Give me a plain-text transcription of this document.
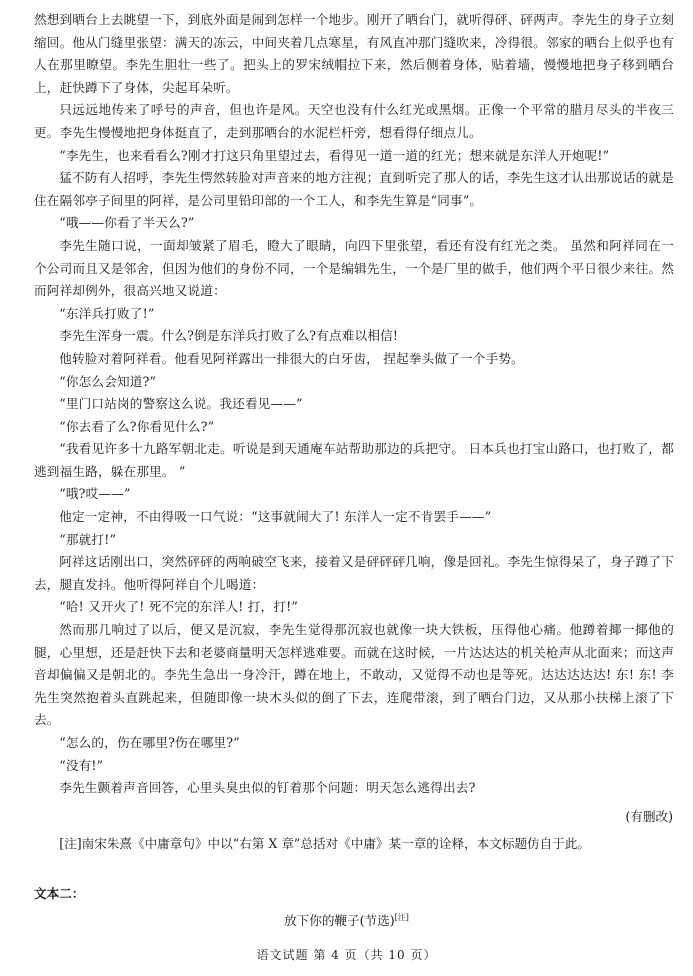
然想到晒台上去眺望一下，到底外面是闹到怎样一个地步。刚开了晒台门，就听得砰、砰两声。李先生的身子立刻缩回。他从门缝里张望：满天的冻云，中间夹着几点寒星，有风直冲那门缝吹来，冷得很。邻家的晒台上似乎也有人在那里瞭望。李先生胆壮一些了。把头上的罗宋绒帽拉下来，然后侧着身体，贴着墙，慢慢地把身子移到晒台上，赶快蹲下了身体，尖起耳朵听。

只远远地传来了呼号的声音，但也许是风。天空也没有什么红光或黑烟。正像一个平常的腊月尽头的半夜三更。李先生慢慢地把身体挺直了，走到那晒台的水泥栏杆旁，想看得仔细点儿。

“李先生，也来看看么?刚才打这只角里望过去，看得见一道一道的红光；想来就是东洋人开炮呢!”

猛不防有人招呼，李先生愕然转脸对声音来的地方注视；直到听完了那人的话，李先生这才认出那说话的就是住在隔邻亭子间里的阿祥，是公司里铅印部的一个工人，和李先生算是“同事”。

“哦——你看了半天么?”

李先生随口说，一面却皱紧了眉毛，瞪大了眼睛，向四下里张望，看还有没有红光之类。 虽然和阿祥同在一个公司而且又是邻舍，但因为他们的身份不同，一个是编辑先生，一个是厂里的做手，他们两个平日很少来往。然而阿祥却例外，很高兴地又说道：

“东洋兵打败了!”

李先生浑身一震。什么?倒是东洋兵打败了么?有点难以相信!

他转脸对着阿祥看。他看见阿祥露出一排很大的白牙齿， 捏起拳头做了一个手势。

“你怎么会知道?”

“里门口站岗的警察这么说。我还看见——”

“你去看了么?你看见什么?”

“我看见许多十九路军朝北走。听说是到天通庵车站帮助那边的兵把守。 日本兵也打宝山路口，也打败了，都逃到福生路，躲在那里。 ”

“哦?哎——”

他定一定神，不由得吸一口气说：“这事就闹大了! 东洋人一定不肯罢手——”

“那就打!”

阿祥这话刚出口，突然砰砰的两响破空飞来，接着又是砰砰砰几响，像是回礼。李先生惊得呆了，身子蹲了下去，腿直发抖。他听得阿祥自个儿喝道：

“哈! 又开火了! 死不完的东洋人! 打，打!”

然而那几响过了以后，便又是沉寂，李先生觉得那沉寂也就像一块大铁板，压得他心痛。他蹲着揶一揶他的腿，心里想，还是赶快下去和老婆商量明天怎样逃难要。而就在这时候，一片达达达的机关枪声从北面来；而这声音却偏偏又是朝北的。李先生急出一身冷汗，蹲在地上，不敢动，又觉得不动也是等死。达达达达达! 东! 东! 李先生突然抱着头直跳起来，但随即像一块木头似的倒了下去，连爬带滚，到了晒台门边，又从那小扶梯上滚了下去。

“怎么的，伤在哪里?伤在哪里?”

“没有!”

李先生颤着声音回答，心里头臭虫似的钉着那个问题：明天怎么逃得出去?

(有删改)
[注]南宋朱熹《中庸章句》中以“右第 X 章”总括对《中庸》某一章的诠释，本文标题仿自于此。
文本二：
放下你的鞭子(节选)[注]
语文试题 第 4 页（共 10 页）
